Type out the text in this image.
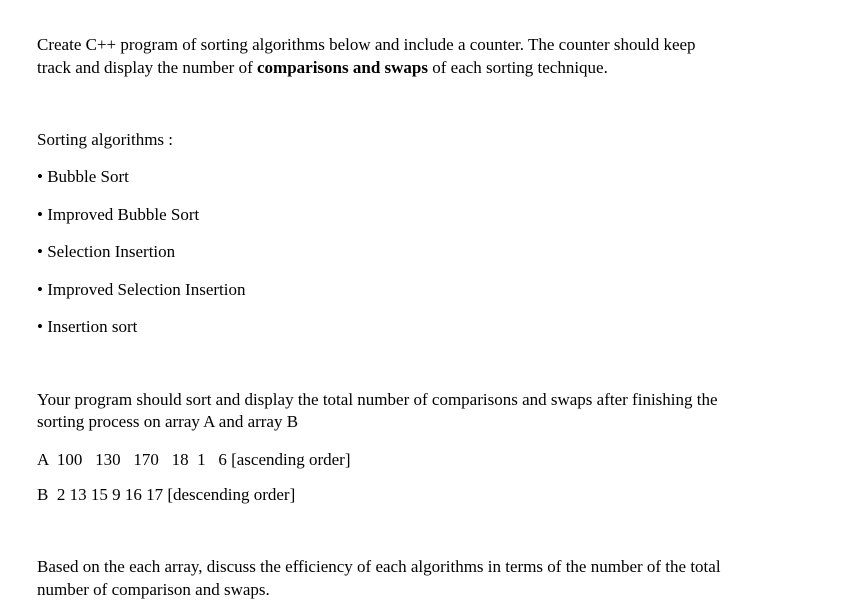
Create C++ program of sorting algorithms below and include a counter. The counter should keep
track and display the number of comparisons and swaps of each sorting technique.
Sorting algorithms :
• Bubble Sort
• Improved Bubble Sort
• Selection Insertion
• Improved Selection Insertion
• Insertion sort
Your program should sort and display the total number of comparisons and swaps after finishing the
sorting process on array A and array B
A  100   130   170   18  1   6 [ascending order]
B  2 13 15 9 16 17 [descending order]
Based on the each array, discuss the efficiency of each algorithms in terms of the number of the total
number of comparison and swaps.
